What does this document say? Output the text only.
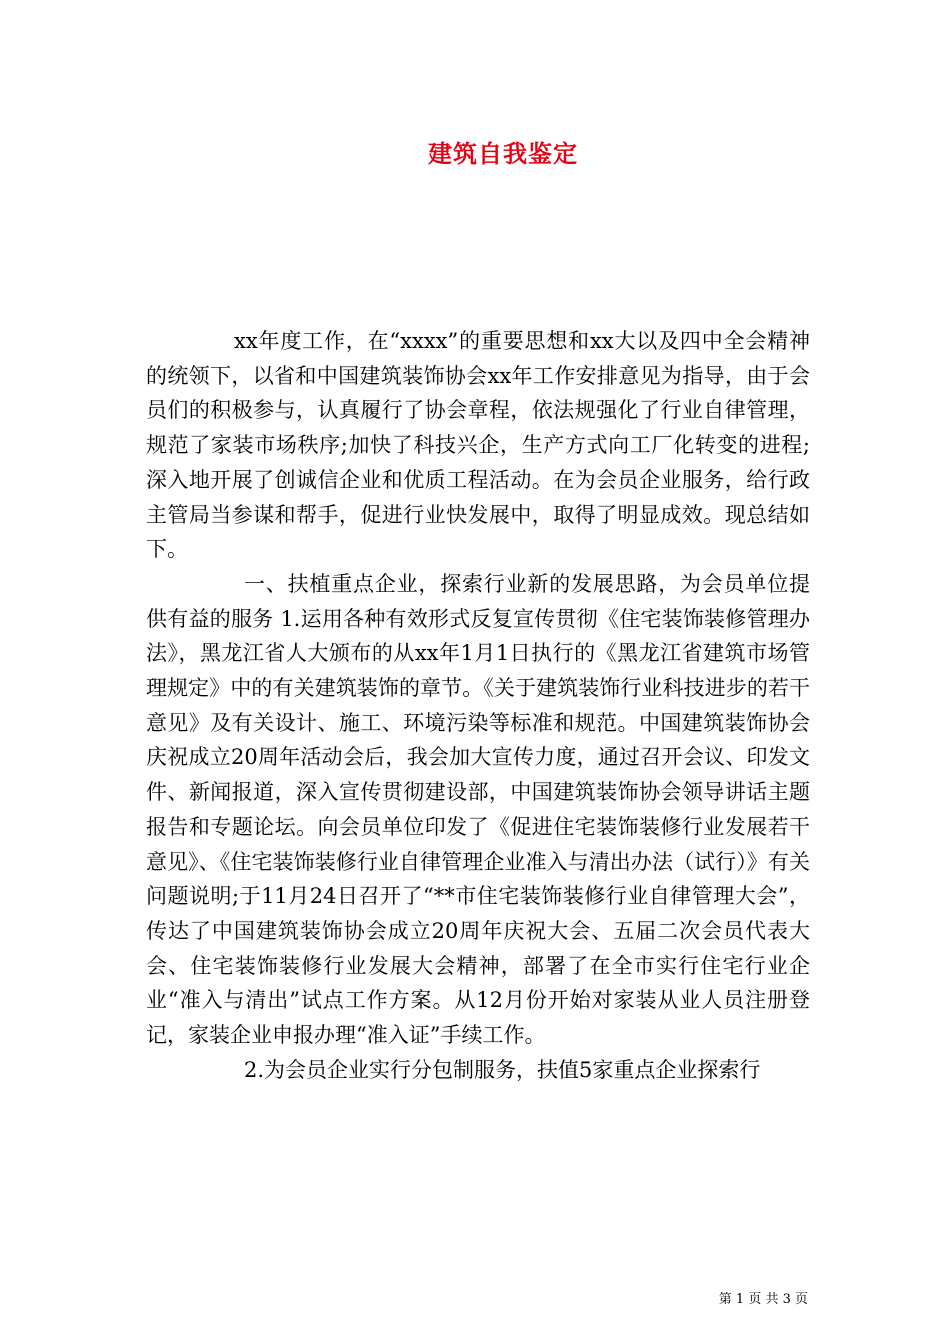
建筑自我鉴定

xx年度工作，在“xxxx”的重要思想和xx大以及四中全会精神的统领下，以省和中国建筑装饰协会xx年工作安排意见为指导，由于会员们的积极参与，认真履行了协会章程，依法规强化了行业自律管理，规范了家装市场秩序;加快了科技兴企，生产方式向工厂化转变的进程;深入地开展了创诚信企业和优质工程活动。在为会员企业服务，给行政主管局当参谋和帮手，促进行业快发展中，取得了明显成效。现总结如下。

一、扶植重点企业，探索行业新的发展思路，为会员单位提供有益的服务 1.运用各种有效形式反复宣传贯彻《住宅装饰装修管理办法》，黑龙江省人大颁布的从xx年1月1日执行的《黑龙江省建筑市场管理规定》中的有关建筑装饰的章节。《关于建筑装饰行业科技进步的若干意见》及有关设计、施工、环境污染等标准和规范。中国建筑装饰协会庆祝成立20周年活动会后，我会加大宣传力度，通过召开会议、印发文件、新闻报道，深入宣传贯彻建设部，中国建筑装饰协会领导讲话主题报告和专题论坛。向会员单位印发了《促进住宅装饰装修行业发展若干意见》、《住宅装饰装修行业自律管理企业准入与清出办法（试行）》有关问题说明;于11月24日召开了“**市住宅装饰装修行业自律管理大会”，传达了中国建筑装饰协会成立20周年庆祝大会、五届二次会员代表大会、住宅装饰装修行业发展大会精神，部署了在全市实行住宅行业企业“准入与清出”试点工作方案。从12月份开始对家装从业人员注册登记，家装企业申报办理“准入证”手续工作。

2.为会员企业实行分包制服务，扶值5家重点企业探索行

第 1 页 共 3 页
